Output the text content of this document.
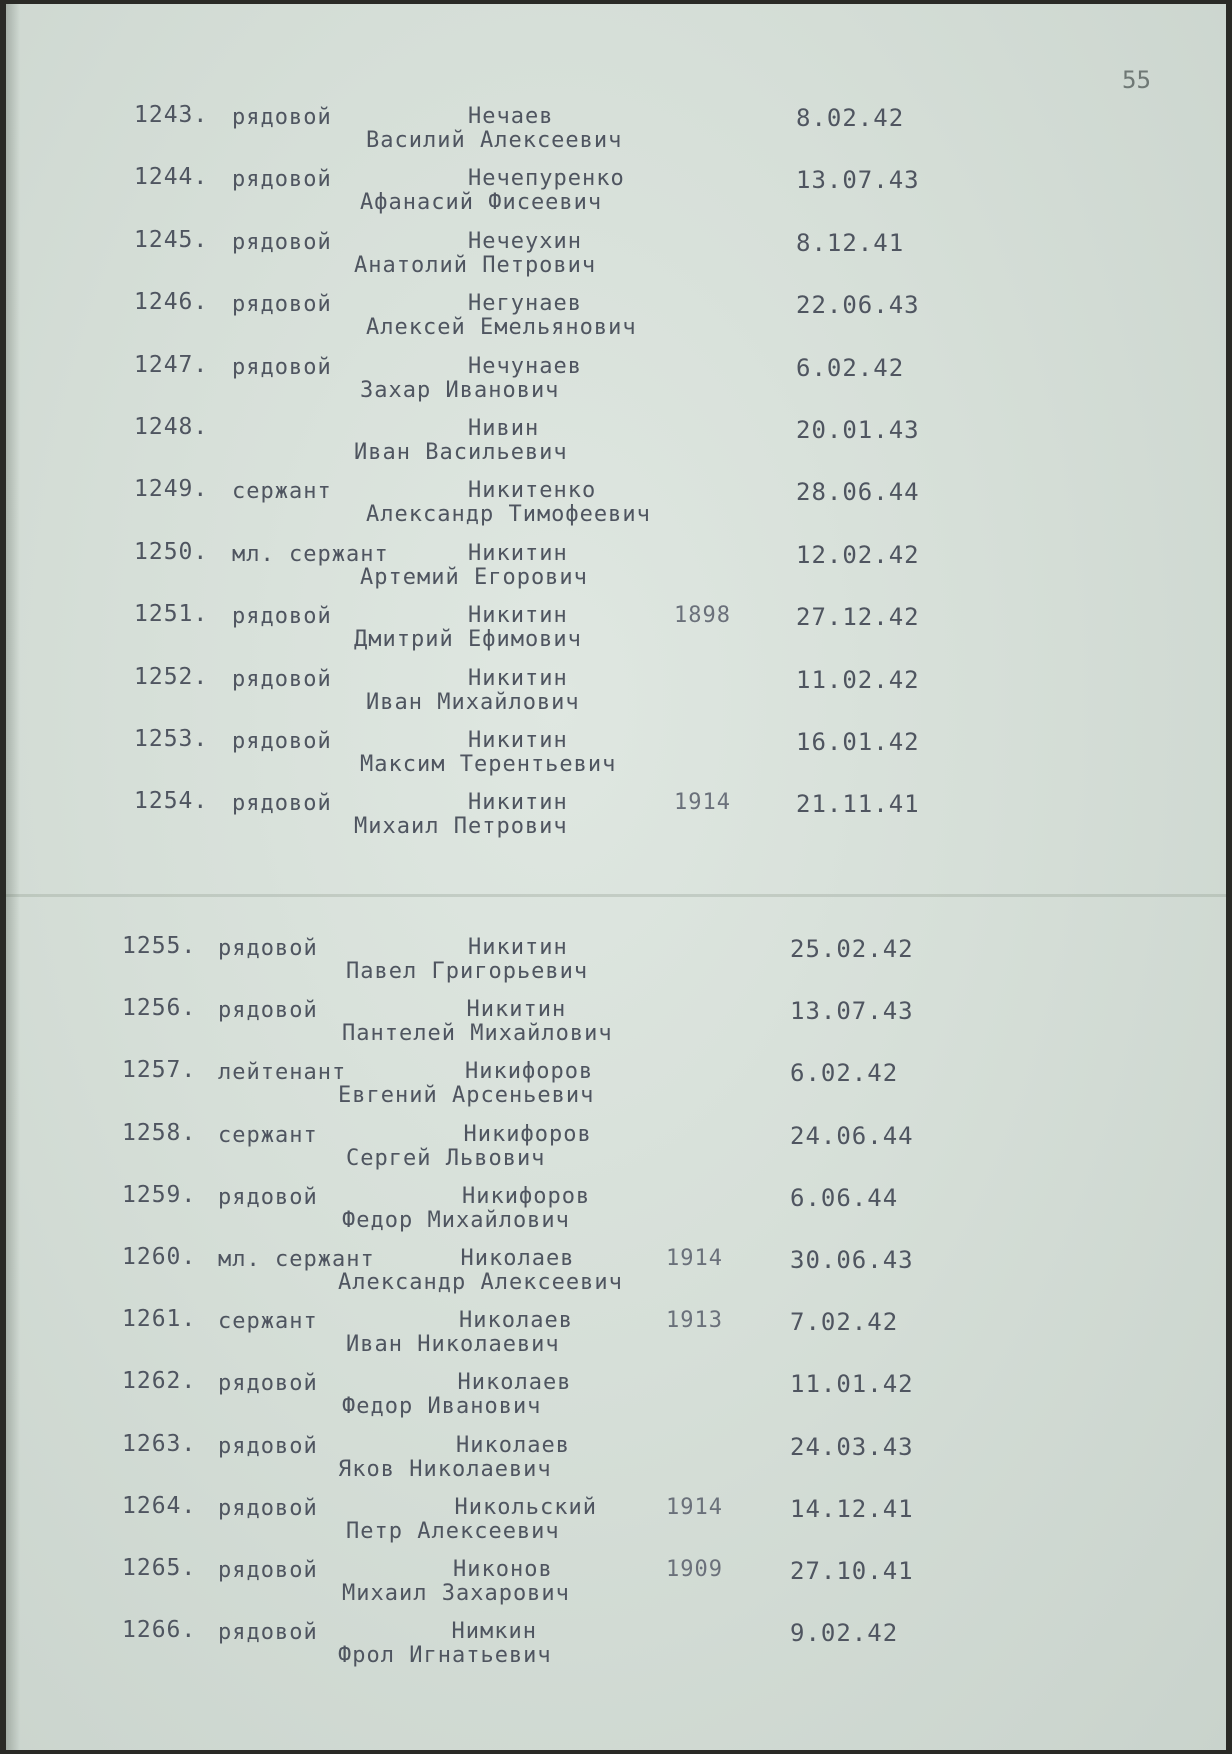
55
1243. рядовой	Нечаев
Василий Алексеевич
8.02.42
1244. рядовой	Нечепуренко
Афанасий Фисеевич
13.07.43
1245. рядовой	Нечеухин
Анатолий Петрович
8.12.41
1246. рядовой	Негунаев
Алексей Емельянович
22.06.43
1247. рядовой	Нечунаев
Захар Иванович
6.02.42
1248.	Нивин
Иван Васильевич
20.01.43
1249. сержант	Никитенко
Александр Тимофеевич
28.06.44
1250. мл. сержант	Никитин
Артемий Егорович
12.02.42
1251. рядовой	Никитин
Дмитрий Ефимович
1898	27.12.42
1252. рядовой	Никитин
Иван Михайлович
11.02.42
1253. рядовой	Никитин
Максим Терентьевич
16.01.42
1254. рядовой	Никитин
Михаил Петрович
1914	21.11.41
1255. рядовой	Никитин
Павел Григорьевич
25.02.42
1256. рядовой	Никитин
Пантелей Михайлович
13.07.43
1257. лейтенант	Никифоров
Евгений Арсеньевич
6.02.42
1258. сержант	Никифоров
Сергей Львович
24.06.44
1259. рядовой	Никифоров
Федор Михайлович
6.06.44
1260. мл. сержант	Николаев
Александр Алексеевич
1914	30.06.43
1261. сержант	Николаев
Иван Николаевич
1913	7.02.42
1262. рядовой	Николаев
Федор Иванович
11.01.42
1263. рядовой	Николаев
Яков Николаевич
24.03.43
1264. рядовой	Никольский
Петр Алексеевич
1914	14.12.41
1265. рядовой	Никонов
Михаил Захарович
1909	27.10.41
1266. рядовой	Нимкин
Фрол Игнатьевич
9.02.42
